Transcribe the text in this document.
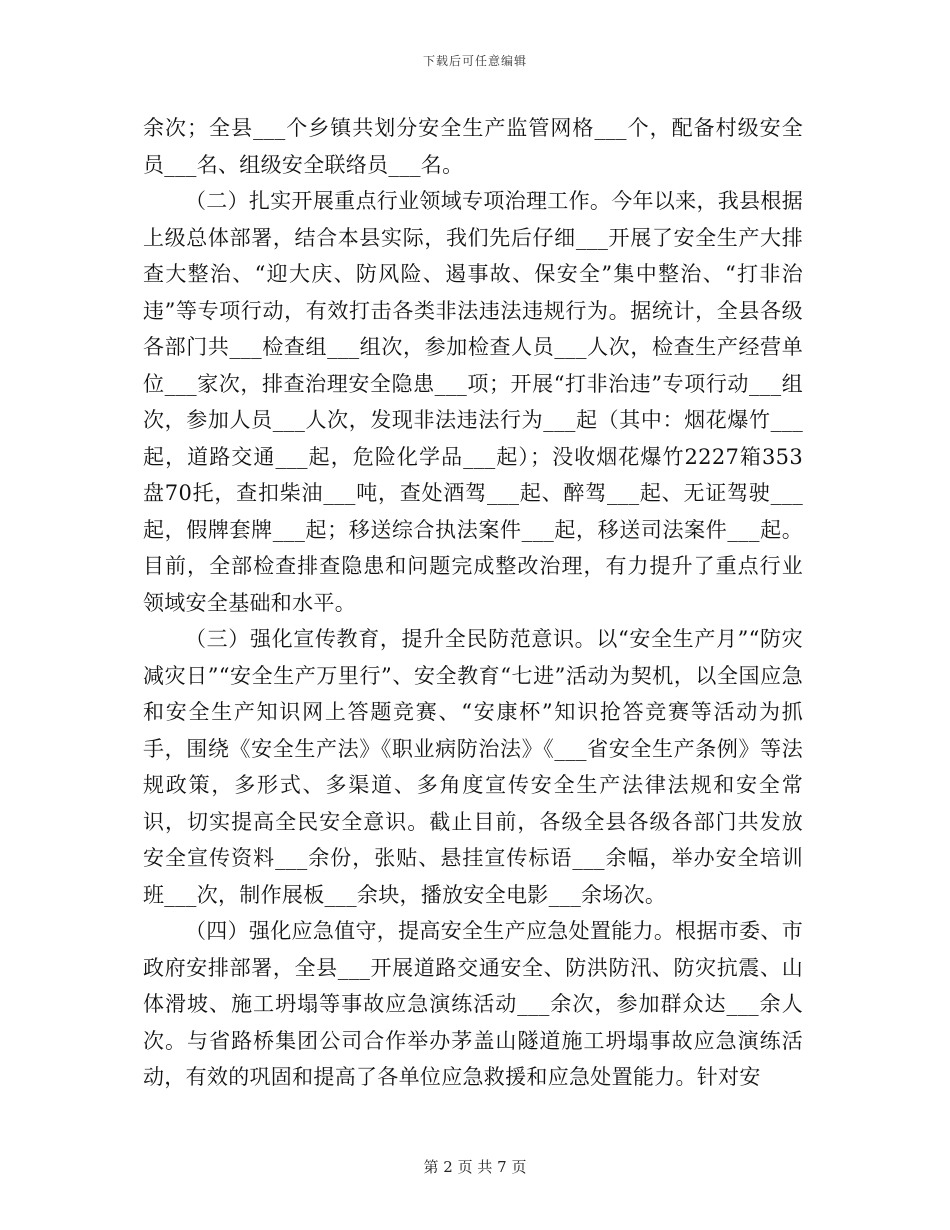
下载后可任意编辑

余次；全县___个乡镇共划分安全生产监管网格___个，配备村级安全员___名、组级安全联络员___名。

（二）扎实开展重点行业领域专项治理工作。今年以来，我县根据上级总体部署，结合本县实际，我们先后仔细___开展了安全生产大排查大整治、“迎大庆、防风险、遏事故、保安全”集中整治、“打非治违”等专项行动，有效打击各类非法违法违规行为。据统计，全县各级各部门共___检查组___组次，参加检查人员___人次，检查生产经营单位___家次，排查治理安全隐患___项；开展“打非治违”专项行动___组次，参加人员___人次，发现非法违法行为___起（其中：烟花爆竹___起，道路交通___起，危险化学品___起）；没收烟花爆竹2227箱353盘70托，查扣柴油___吨，查处酒驾___起、醉驾___起、无证驾驶___起，假牌套牌___起；移送综合执法案件___起，移送司法案件___起。目前，全部检查排查隐患和问题完成整改治理，有力提升了重点行业领域安全基础和水平。

（三）强化宣传教育，提升全民防范意识。以“安全生产月”“防灾减灾日”“安全生产万里行”、安全教育“七进”活动为契机，以全国应急和安全生产知识网上答题竞赛、“安康杯”知识抢答竞赛等活动为抓手，围绕《安全生产法》《职业病防治法》《___省安全生产条例》等法规政策，多形式、多渠道、多角度宣传安全生产法律法规和安全常识，切实提高全民安全意识。截止目前，各级全县各级各部门共发放安全宣传资料___余份，张贴、悬挂宣传标语___余幅，举办安全培训班___次，制作展板___余块，播放安全电影___余场次。

（四）强化应急值守，提高安全生产应急处置能力。根据市委、市政府安排部署，全县___开展道路交通安全、防洪防汛、防灾抗震、山体滑坡、施工坍塌等事故应急演练活动___余次，参加群众达___余人次。与省路桥集团公司合作举办茅盖山隧道施工坍塌事故应急演练活动，有效的巩固和提高了各单位应急救援和应急处置能力。针对安

第 2 页 共 7 页
